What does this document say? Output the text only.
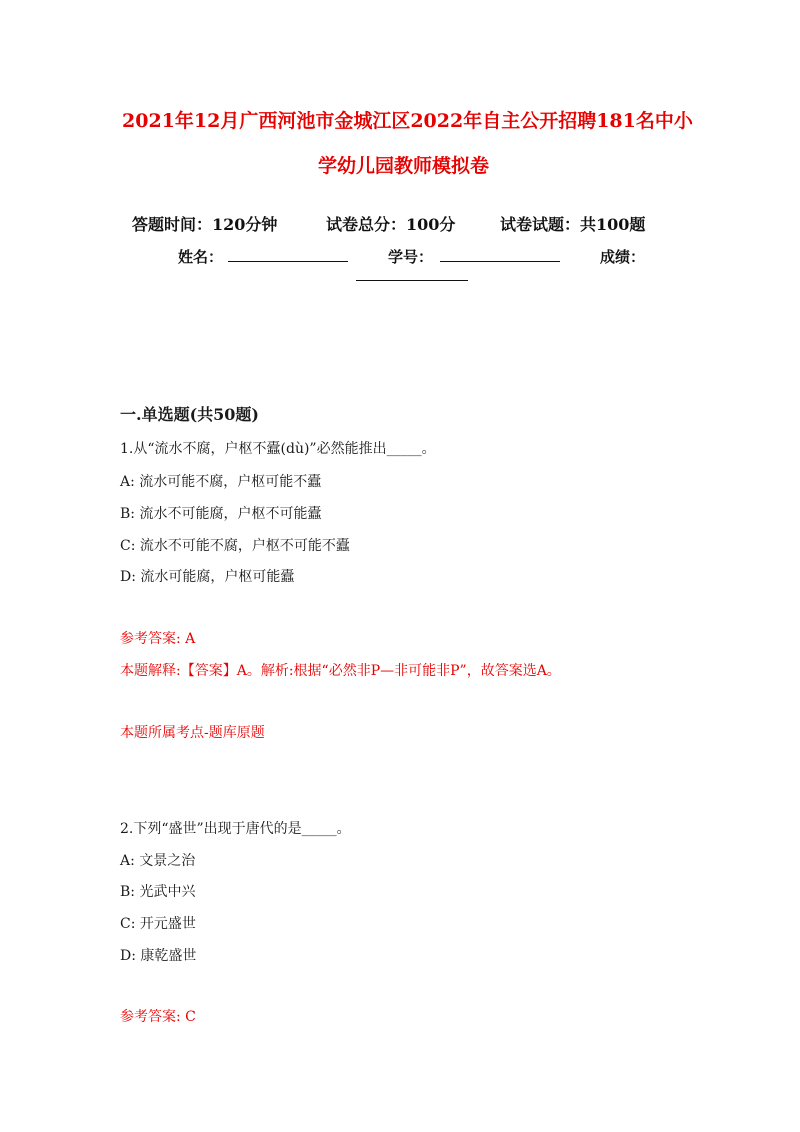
2021年12月广西河池市金城江区2022年自主公开招聘181名中小
学幼儿园教师模拟卷
答题时间：120分钟	试卷总分：100分	试卷试题：共100题
姓名：	学号：	成绩：
一.单选题(共50题)
1.从“流水不腐，户枢不蠹(dù)”必然能推出_____。
A: 流水可能不腐，户枢可能不蠹
B: 流水不可能腐，户枢不可能蠹
C: 流水不可能不腐，户枢不可能不蠹
D: 流水可能腐，户枢可能蠹
参考答案: A
本题解释:【答案】A。解析:根据“必然非P—非可能非P”，故答案选A。
本题所属考点-题库原题
2.下列“盛世”出现于唐代的是_____。
A: 文景之治
B: 光武中兴
C: 开元盛世
D: 康乾盛世
参考答案: C
